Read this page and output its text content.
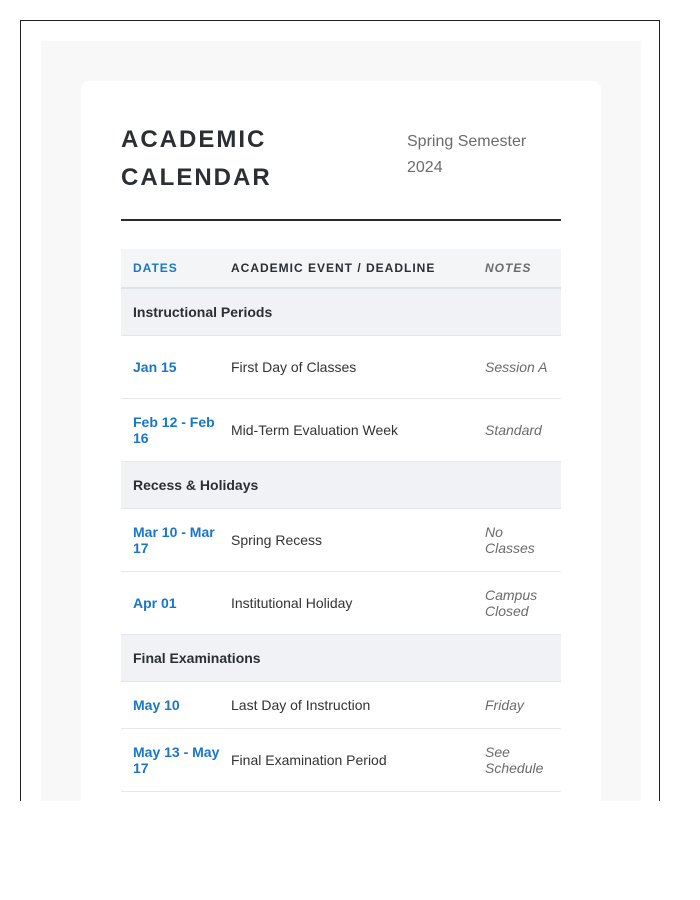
ACADEMIC CALENDAR
Spring Semester 2024
DATES	ACADEMIC EVENT / DEADLINE	NOTES
Instructional Periods		
Jan 15	First Day of Classes	Session A
Feb 12 - Feb 16	Mid-Term Evaluation Week	Standard
Recess & Holidays		
Mar 10 - Mar 17	Spring Recess	No Classes
Apr 01	Institutional Holiday	Campus Closed
Final Examinations		
May 10	Last Day of Instruction	Friday
May 13 - May 17	Final Examination Period	See Schedule
